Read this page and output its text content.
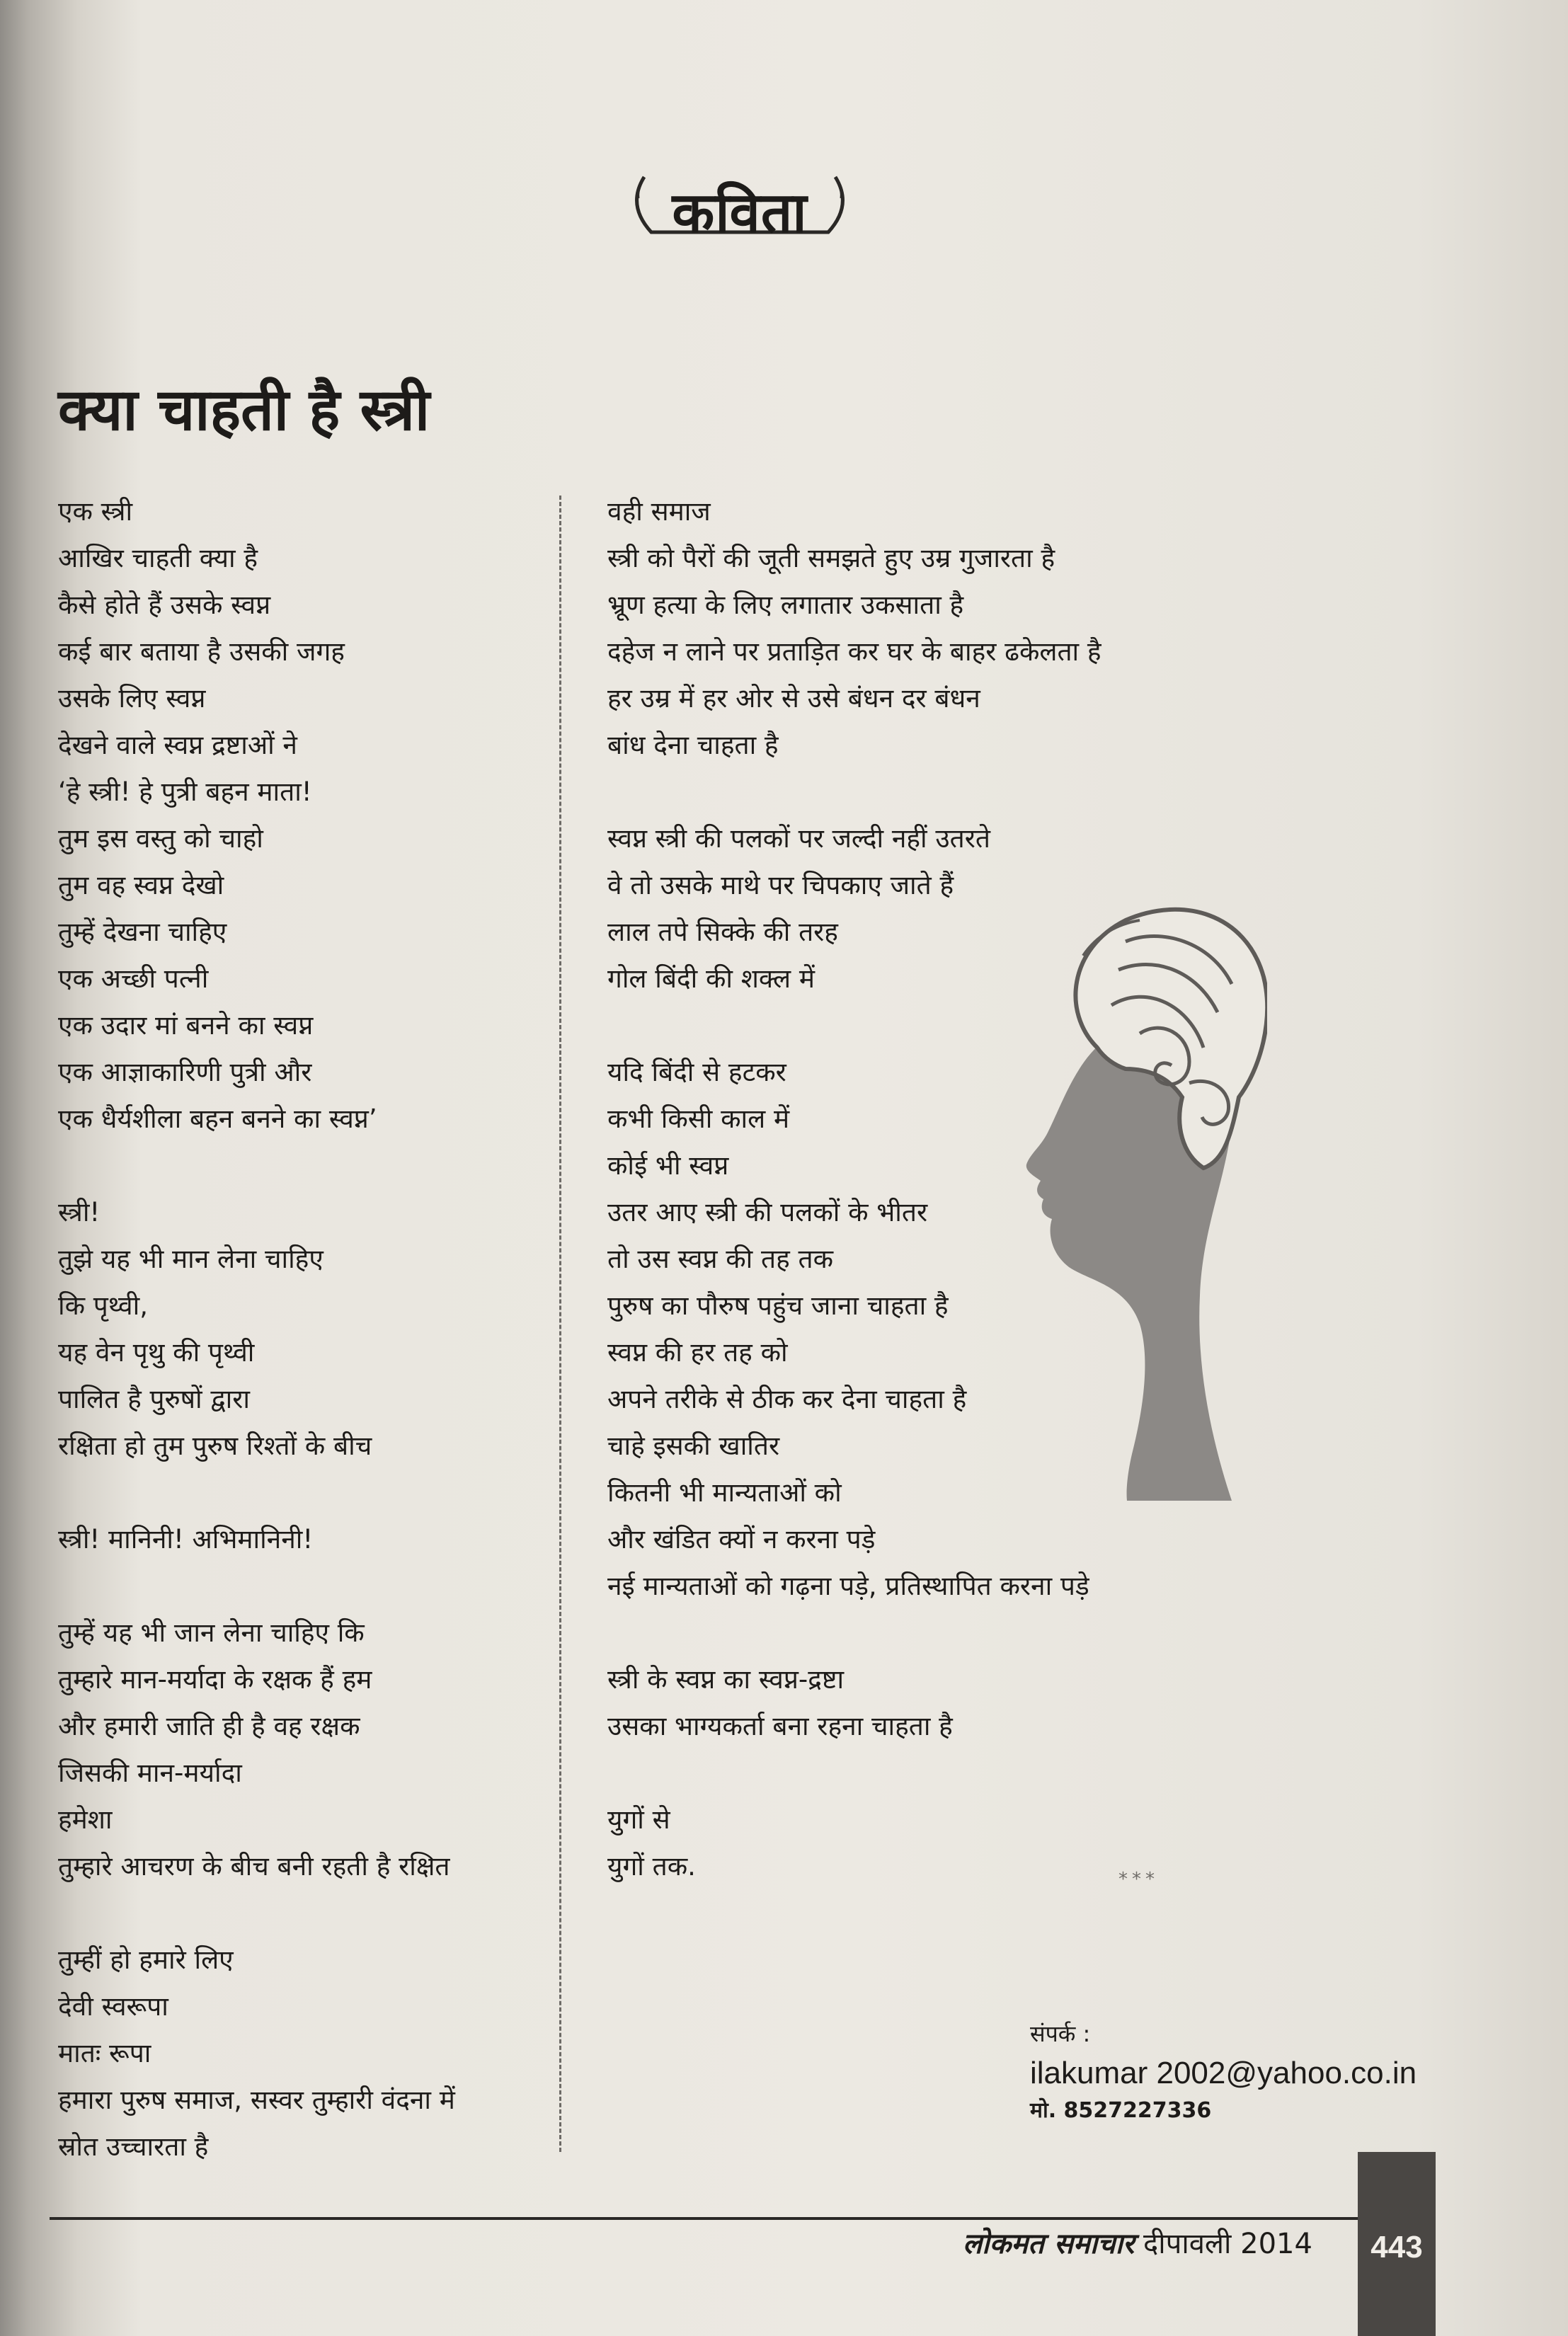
कविता
क्या चाहती है स्त्री
एक स्त्री
आखिर चाहती क्या है
कैसे होते हैं उसके स्वप्न
कई बार बताया है उसकी जगह
उसके लिए स्वप्न
देखने वाले स्वप्न द्रष्टाओं ने
‘हे स्त्री! हे पुत्री बहन माता!
तुम इस वस्तु को चाहो
तुम वह स्वप्न देखो
तुम्हें देखना चाहिए
एक अच्छी पत्नी
एक उदार मां बनने का स्वप्न
एक आज्ञाकारिणी पुत्री और
एक धैर्यशीला बहन बनने का स्वप्न’
स्त्री!
तुझे यह भी मान लेना चाहिए
कि पृथ्वी,
यह वेन पृथु की पृथ्वी
पालित है पुरुषों द्वारा
रक्षिता हो तुम पुरुष रिश्तों के बीच
स्त्री! मानिनी! अभिमानिनी!
तुम्हें यह भी जान लेना चाहिए कि
तुम्हारे मान-मर्यादा के रक्षक हैं हम
और हमारी जाति ही है वह रक्षक
जिसकी मान-मर्यादा
हमेशा
तुम्हारे आचरण के बीच बनी रहती है रक्षित
तुम्हीं हो हमारे लिए
देवी स्वरूपा
मातः रूपा
हमारा पुरुष समाज, सस्वर तुम्हारी वंदना में
स्रोत उच्चारता है
वही समाज
स्त्री को पैरों की जूती समझते हुए उम्र गुजारता है
भ्रूण हत्या के लिए लगातार उकसाता है
दहेज न लाने पर प्रताड़ित कर घर के बाहर ढकेलता है
हर उम्र में हर ओर से उसे बंधन दर बंधन
बांध देना चाहता है
स्वप्न स्त्री की पलकों पर जल्दी नहीं उतरते
वे तो उसके माथे पर चिपकाए जाते हैं
लाल तपे सिक्के की तरह
गोल बिंदी की शक्ल में
यदि बिंदी से हटकर
कभी किसी काल में
कोई भी स्वप्न
उतर आए स्त्री की पलकों के भीतर
तो उस स्वप्न की तह तक
पुरुष का पौरुष पहुंच जाना चाहता है
स्वप्न की हर तह को
अपने तरीके से ठीक कर देना चाहता है
चाहे इसकी खातिर
कितनी भी मान्यताओं को
और खंडित क्यों न करना पड़े
नई मान्यताओं को गढ़ना पड़े, प्रतिस्थापित करना पड़े
स्त्री के स्वप्न का स्वप्न-द्रष्टा
उसका भाग्यकर्ता बना रहना चाहता है
युगों से
युगों तक.	***
संपर्क :
ilakumar 2002@yahoo.co.in
मो. 8527227336
लोकमत समाचार दीपावली 2014	443
